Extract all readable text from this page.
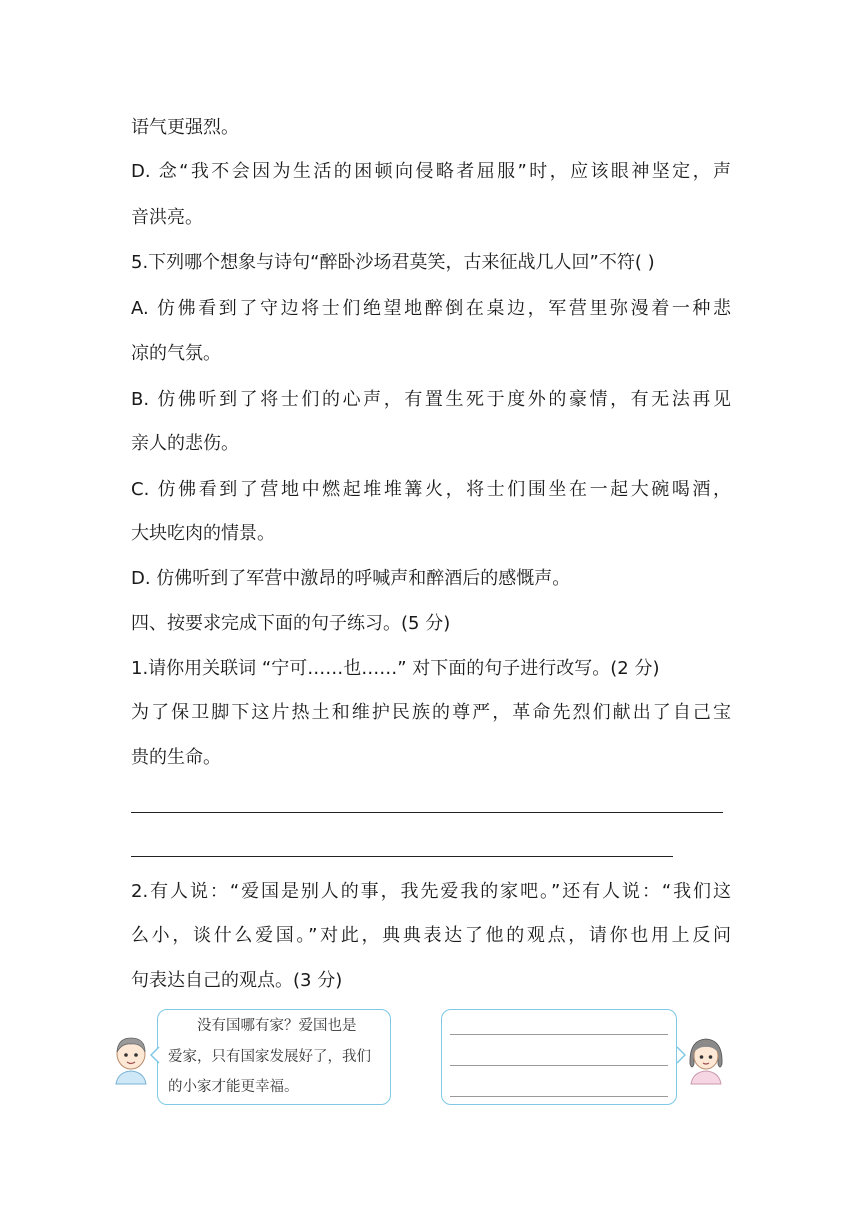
语气更强烈。
D. 念“我不会因为生活的困顿向侵略者屈服”时，应该眼神坚定，声
音洪亮。
5.下列哪个想象与诗句“醉卧沙场君莫笑，古来征战几人回”不符( )
A. 仿佛看到了守边将士们绝望地醉倒在桌边，军营里弥漫着一种悲
凉的气氛。
B. 仿佛听到了将士们的心声，有置生死于度外的豪情，有无法再见
亲人的悲伤。
C. 仿佛看到了营地中燃起堆堆篝火，将士们围坐在一起大碗喝酒，
大块吃肉的情景。
D. 仿佛听到了军营中激昂的呼喊声和醉酒后的感慨声。
四、按要求完成下面的句子练习。(5 分)
1.请你用关联词 “宁可……也……” 对下面的句子进行改写。(2 分)
为了保卫脚下这片热土和维护民族的尊严，革命先烈们献出了自己宝
贵的生命。
2.有人说：“爱国是别人的事，我先爱我的家吧。”还有人说：“我们这
么小，谈什么爱国。”对此，典典表达了他的观点，请你也用上反问
句表达自己的观点。(3 分)
　　没有国哪有家？爱国也是
爱家，只有国家发展好了，我们
的小家才能更幸福。
